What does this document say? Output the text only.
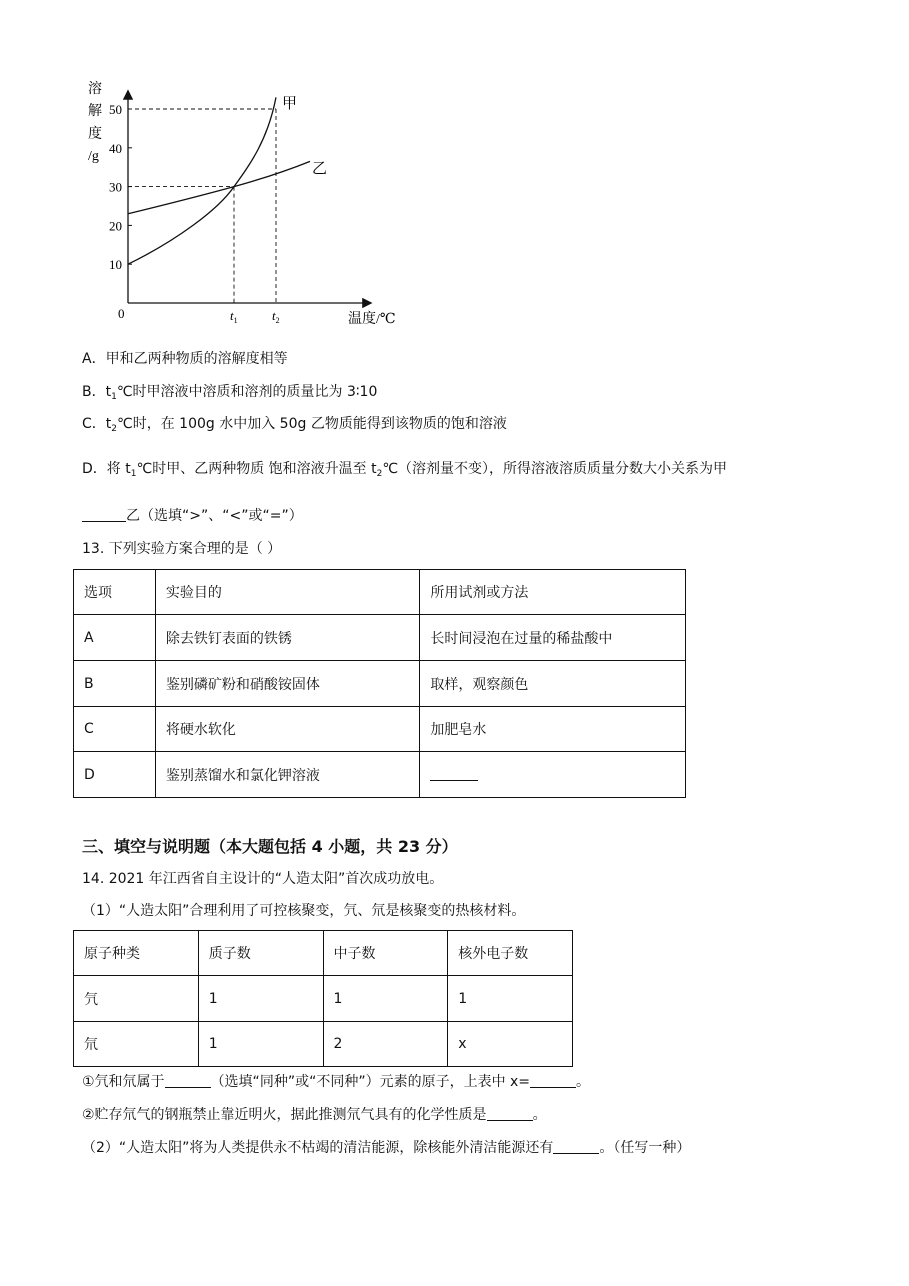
10
20
30
40
50
0	$t_1$	$t_2$
溶
解
度
/g
温度/℃
甲
乙
A．甲和乙两种物质的溶解度相等
B．$t_1℃$时甲溶液中溶质和溶剂的质量比为 3∶10
C．$t_2℃$时，在 100g 水中加入 50g 乙物质能得到该物质的饱和溶液
D．将 $t_1℃$时甲、乙两种物质 饱和溶液升温至 $t_2℃$（溶剂量不变），所得溶液溶质质量分数大小关系为甲
乙（选填“>”、“<”或“=”）
13. 下列实验方案合理的是（ ）
选项	实验目的	所用试剂或方法
A	除去铁钉表面的铁锈	长时间浸泡在过量的稀盐酸中
B	鉴别磷矿粉和硝酸铵固体	取样，观察颜色
C	将硬水软化	加肥皂水
D	鉴别蒸馏水和氯化钾溶液	
三、填空与说明题（本大题包括 4 小题，共 23 分）
14. 2021 年江西省自主设计的“人造太阳”首次成功放电。
（1）“人造太阳”合理利用了可控核聚变，氕、氘是核聚变的热核材料。
原子种类	质子数	中子数	核外电子数
氕	1	1	1
氘	1	2	x
①氕和氘属于	（选填“同种”或“不同种”）元素的原子，上表中 x=	。
②贮存氘气的钢瓶禁止靠近明火，据此推测氘气具有的化学性质是	。
（2）“人造太阳”将为人类提供永不枯竭的清洁能源，除核能外清洁能源还有	。（任写一种）
